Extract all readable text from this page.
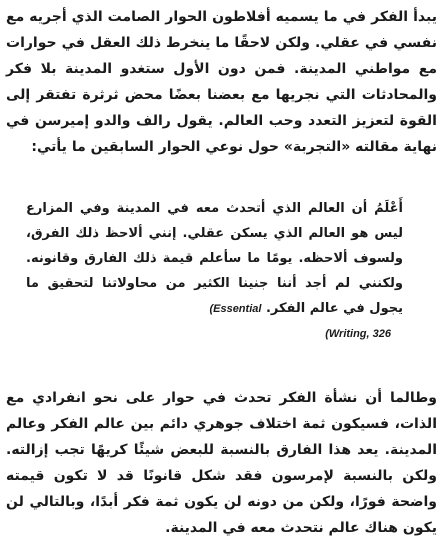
يبدأ الفكر في ما يسميه أفلاطون الحوار الصامت الذي أجريه مع نفسي في عقلي. ولكن لاحقًا ما ينخرط ذلك العقل في حوارات مع مواطني المدينة. فمن دون الأول ستغدو المدينة بلا فكر والمحادثات التي نجريها مع بعضنا بعضًا محض ثرثرة تفتقر إلى القوة لتعزيز التعدد وحب العالم. يقول رالف والدو إميرسن في نهاية مقالته «التجربة» حول نوعي الحوار السابقين ما يأتي:

أَعْلَمُ أن العالم الذي أتحدث معه في المدينة وفي المزارع ليس هو العالم الذي يسكن عقلي. إنني ألاحظ ذلك الفرق، ولسوف ألاحظه. يومًا ما سأعلم قيمة ذلك الفارق وقانونه. ولكنني لم أجد أننا جنينا الكثير من محاولاتنا لتحقيق ما يجول في عالم الفكر. (Essential
(Writing, 326

وطالما أن نشأة الفكر تحدث في حوار على نحو انفرادي مع الذات، فسيكون ثمة اختلاف جوهري دائم بين عالم الفكر وعالم المدينة. يعد هذا الفارق بالنسبة للبعض شيئًا كريهًا تجب إزالته. ولكن بالنسبة لإمرسون فقد شكل قانونًا قد لا تكون قيمته واضحة فورًا، ولكن من دونه لن يكون ثمة فكر أبدًا، وبالتالي لن يكون هناك عالم نتحدث معه في المدينة.
